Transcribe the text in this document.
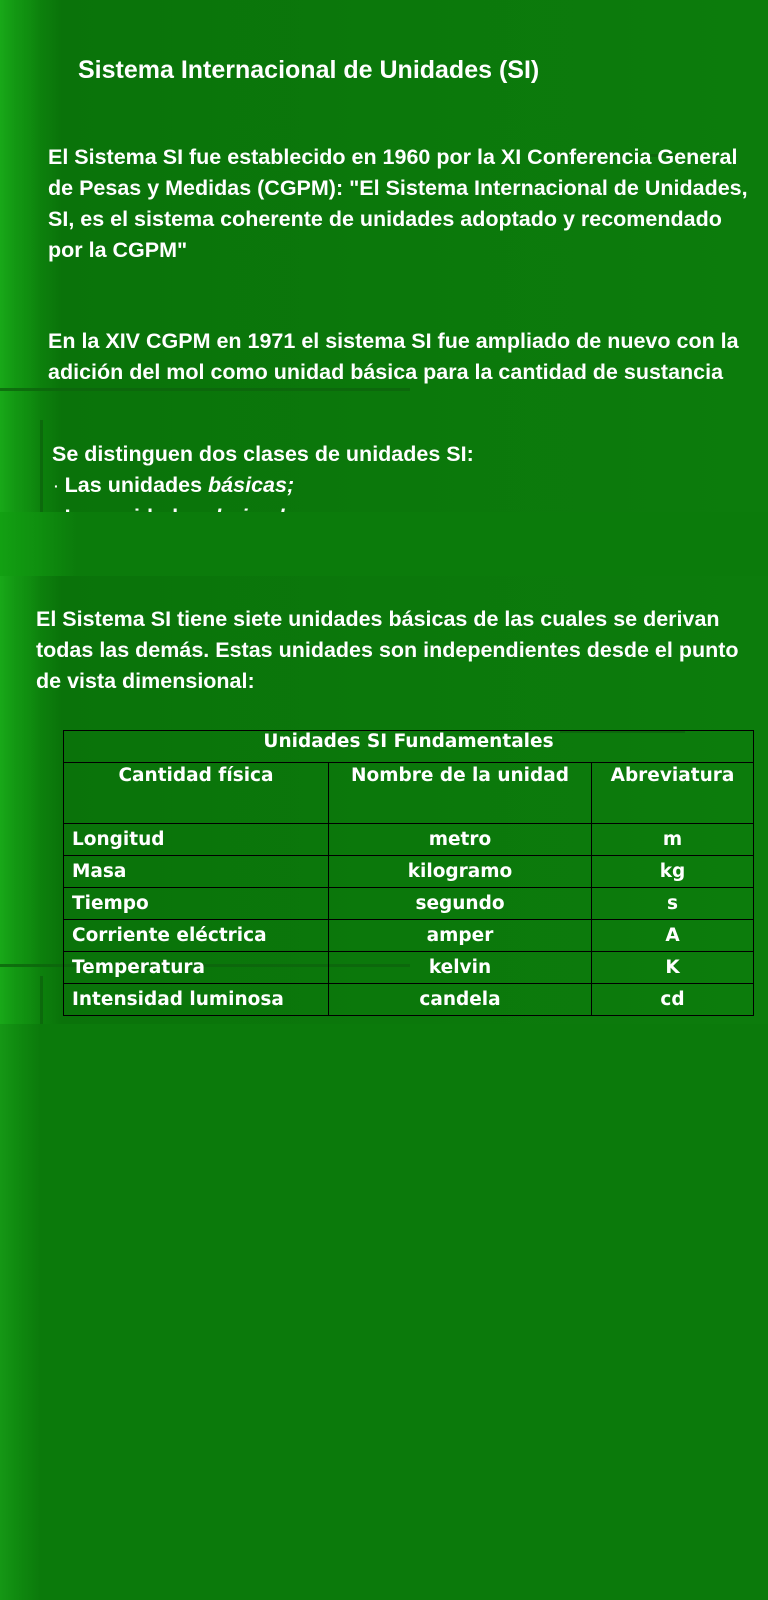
Sistema Internacional de Unidades (SI)
El Sistema SI fue establecido en 1960 por la XI Conferencia General de Pesas y Medidas (CGPM): "El Sistema Internacional de Unidades, SI, es el sistema coherente de unidades adoptado y recomendado por la CGPM"
En la XIV CGPM en 1971 el sistema SI fue ampliado de nuevo con la adición del mol como unidad básica para la cantidad de sustancia
Se distinguen dos clases de unidades SI:
· Las unidades básicas;
El Sistema SI tiene siete unidades básicas de las cuales se derivan todas las demás. Estas unidades son independientes desde el punto de vista dimensional:
Unidades SI Fundamentales		
Cantidad física	Nombre de la unidad	Abreviatura
Longitud	metro	m
Masa	kilogramo	kg
Tiempo	segundo	s
Corriente eléctrica	amper	A
Temperatura	kelvin	K
Intensidad luminosa	candela	cd
